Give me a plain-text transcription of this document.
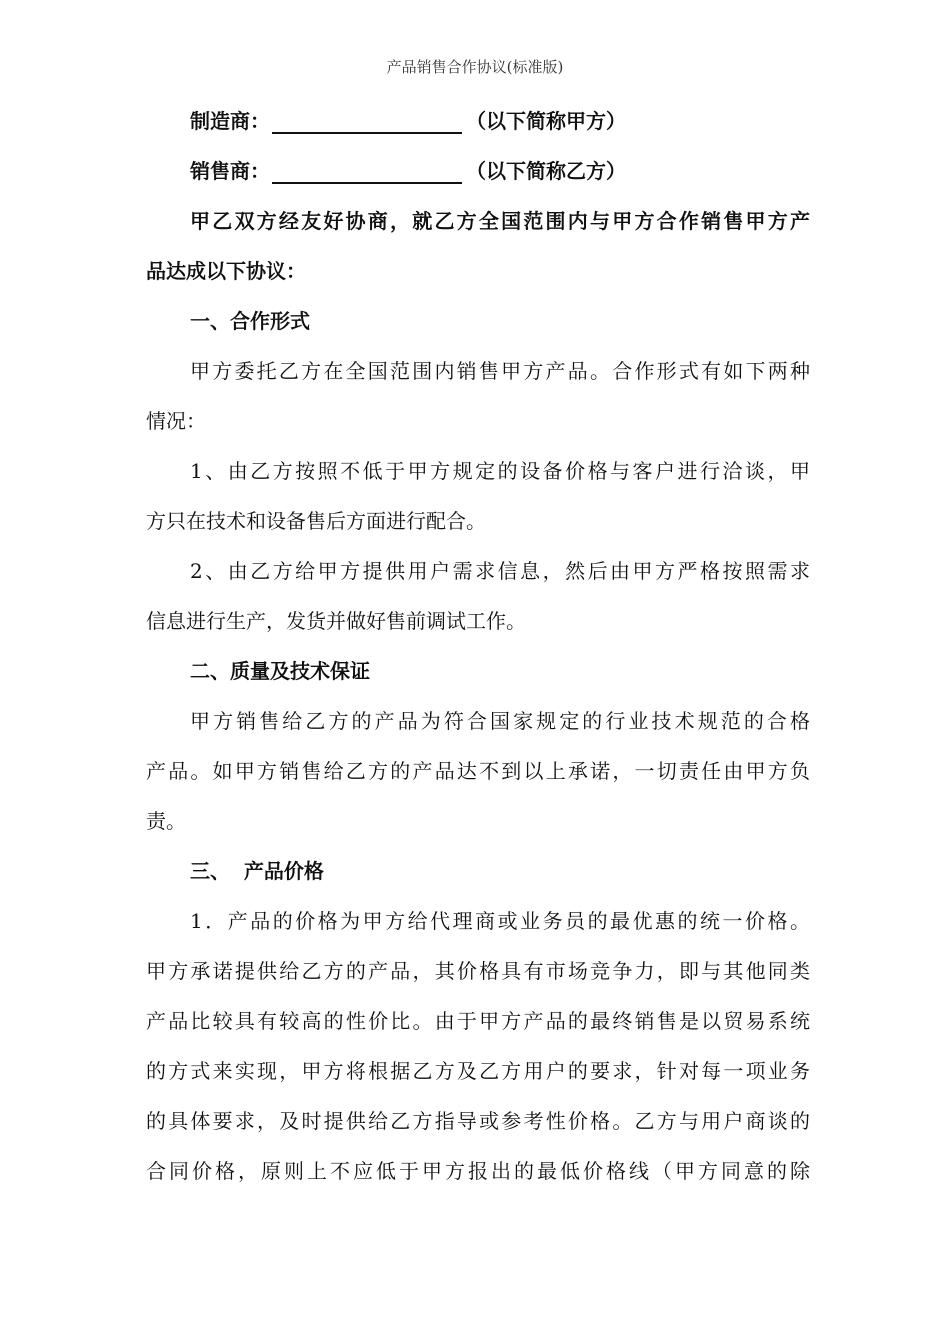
产品销售合作协议(标准版)
制造商：	（以下简称甲方）
销售商：	（以下简称乙方）
甲乙双方经友好协商，就乙方全国范围内与甲方合作销售甲方产
品达成以下协议：
一、合作形式
甲方委托乙方在全国范围内销售甲方产品。合作形式有如下两种
情况：
1、由乙方按照不低于甲方规定的设备价格与客户进行洽谈，甲
方只在技术和设备售后方面进行配合。
2、由乙方给甲方提供用户需求信息，然后由甲方严格按照需求
信息进行生产，发货并做好售前调试工作。
二、质量及技术保证
甲方销售给乙方的产品为符合国家规定的行业技术规范的合格
产品。如甲方销售给乙方的产品达不到以上承诺，一切责任由甲方负
责。
三、  产品价格
1．产品的价格为甲方给代理商或业务员的最优惠的统一价格。
甲方承诺提供给乙方的产品，其价格具有市场竞争力，即与其他同类
产品比较具有较高的性价比。由于甲方产品的最终销售是以贸易系统
的方式来实现，甲方将根据乙方及乙方用户的要求，针对每一项业务
的具体要求，及时提供给乙方指导或参考性价格。乙方与用户商谈的
合同价格，原则上不应低于甲方报出的最低价格线（甲方同意的除
